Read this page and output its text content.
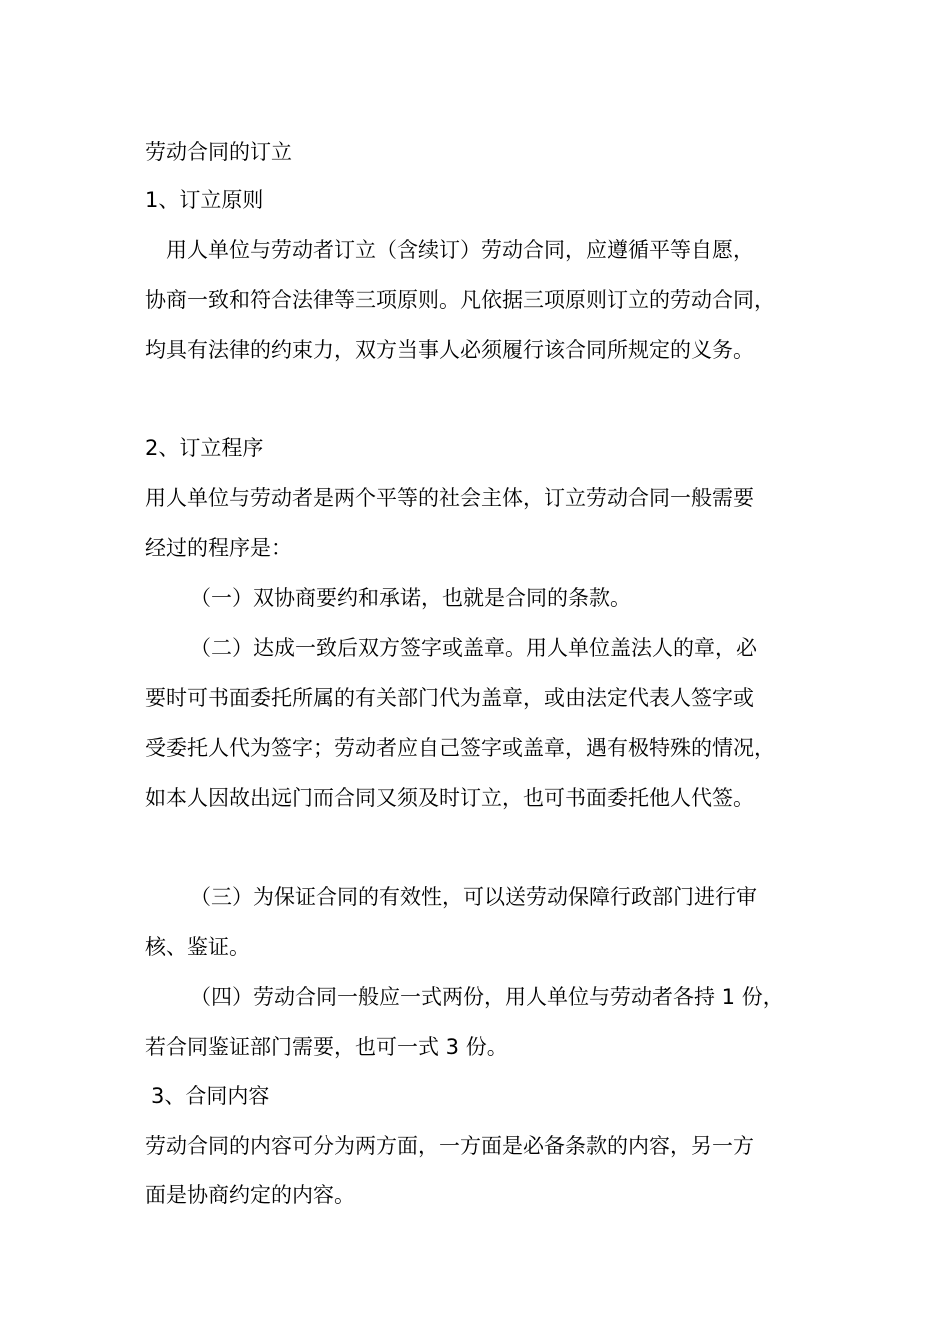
劳动合同的订立

1、订立原则

用人单位与劳动者订立（含续订）劳动合同，应遵循平等自愿，

协商一致和符合法律等三项原则。凡依据三项原则订立的劳动合同，

均具有法律的约束力，双方当事人必须履行该合同所规定的义务。

2、订立程序

用人单位与劳动者是两个平等的社会主体，订立劳动合同一般需要

经过的程序是：

（一）双协商要约和承诺，也就是合同的条款。

（二）达成一致后双方签字或盖章。用人单位盖法人的章，必

要时可书面委托所属的有关部门代为盖章，或由法定代表人签字或

受委托人代为签字；劳动者应自己签字或盖章，遇有极特殊的情况，

如本人因故出远门而合同又须及时订立，也可书面委托他人代签。

（三）为保证合同的有效性，可以送劳动保障行政部门进行审

核、鉴证。

（四）劳动合同一般应一式两份，用人单位与劳动者各持 1 份，

若合同鉴证部门需要，也可一式 3 份。

3、合同内容

劳动合同的内容可分为两方面，一方面是必备条款的内容，另一方

面是协商约定的内容。
